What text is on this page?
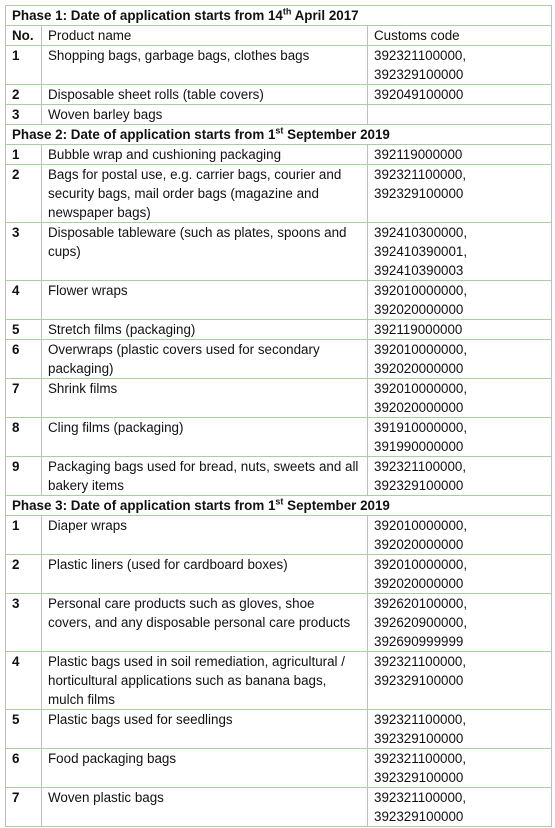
Phase 1: Date of application starts from 14th April 2017		
No.	Product name	Customs code
1	Shopping bags, garbage bags, clothes bags	392321100000,
392329100000

2	Disposable sheet rolls (table covers)	392049100000

3	Woven barley bags	
Phase 2: Date of application starts from 1st September 2019		
1	Bubble wrap and cushioning packaging	392119000000

2	Bags for postal use, e.g. carrier bags, courier and security bags, mail order bags (magazine and newspaper bags)	392321100000,
392329100000

3	Disposable tableware (such as plates, spoons and cups)	392410300000,
392410390001,
392410390003

4	Flower wraps	392010000000,
392020000000

5	Stretch films (packaging)	392119000000

6	Overwraps (plastic covers used for secondary packaging)	392010000000,
392020000000

7	Shrink films	392010000000,
392020000000

8	Cling films (packaging)	391910000000,
391990000000

9	Packaging bags used for bread, nuts, sweets and all bakery items	392321100000,
392329100000

Phase 3: Date of application starts from 1st September 2019		
1	Diaper wraps	392010000000,
392020000000

2	Plastic liners (used for cardboard boxes)	392010000000,
392020000000

3	Personal care products such as gloves, shoe covers, and any disposable personal care products	392620100000,
392620900000,
392690999999

4	Plastic bags used in soil remediation, agricultural / horticultural applications such as banana bags, mulch films	392321100000,
392329100000

5	Plastic bags used for seedlings	392321100000,
392329100000

6	Food packaging bags	392321100000,
392329100000

7	Woven plastic bags	392321100000,
392329100000
